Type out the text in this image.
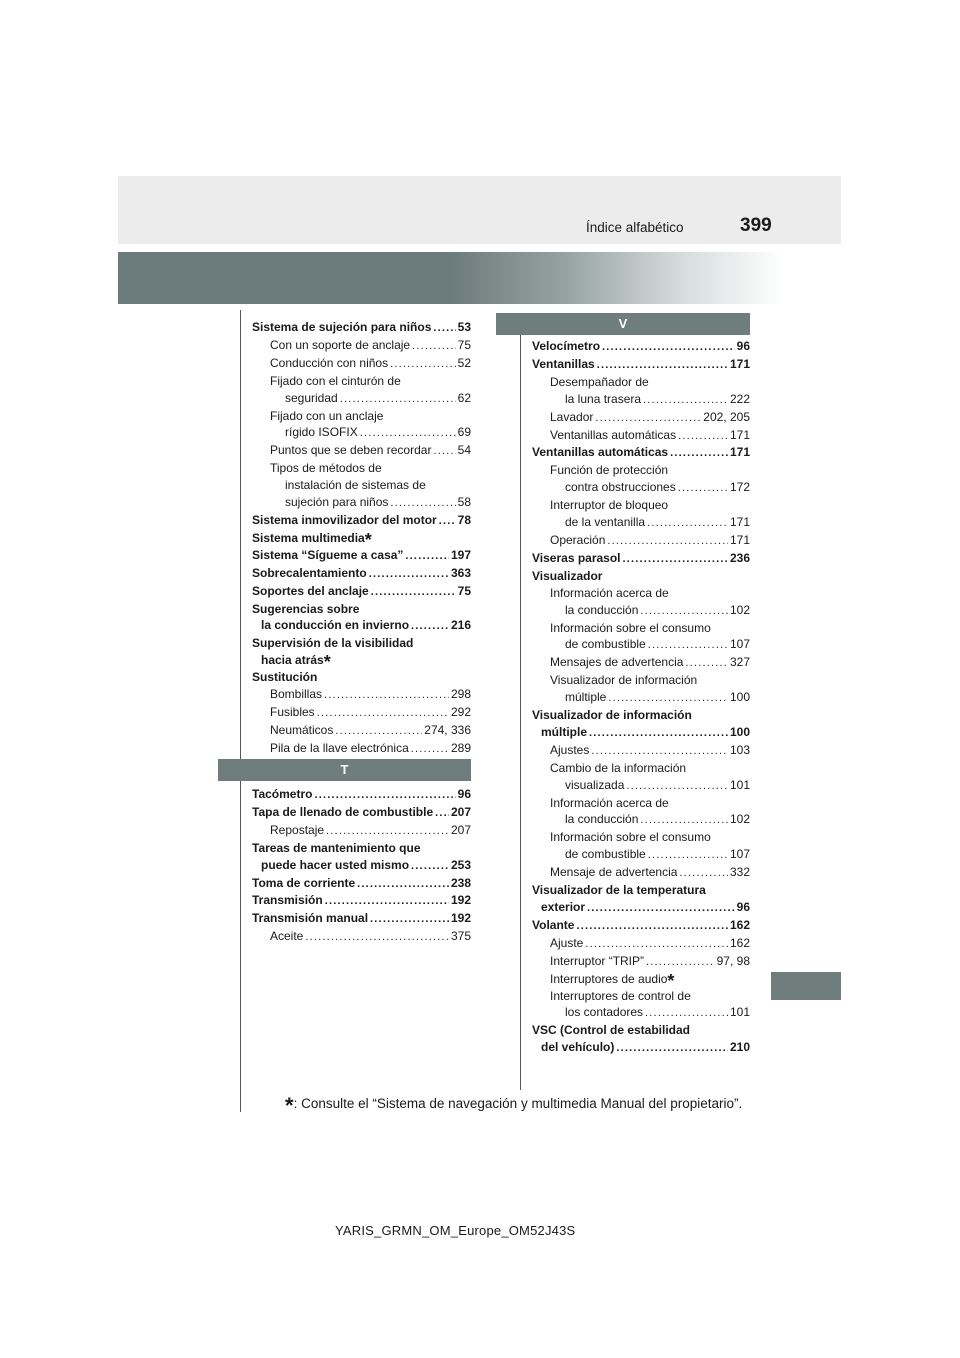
399
Índice alfabético
V
T
Sistema de sujeción para niños ..... 53
Con un soporte de anclaje .....	75
Conducción con niños .....	52
Fijado con el cinturón de
seguridad .....	62
Fijado con un anclaje
rígido ISOFIX .....	69
Puntos que se deben recordar ..... 54
Tipos de métodos de
instalación de sistemas de
sujeción para niños .....	58
Sistema inmovilizador del motor ..... 78
Sistema multimedia*
Sistema “Sígueme a casa” .....	197
Sobrecalentamiento .....	363
Soportes del anclaje .....	75
Sugerencias sobre
la conducción en invierno .....	216
Supervisión de la visibilidad
hacia atrás*
Sustitución
Bombillas .....	298
Fusibles .....	292
Neumáticos .....	274, 336
Pila de la llave electrónica .....	289
Tacómetro .....	96
Tapa de llenado de combustible ..... 207
Repostaje .....	207
Tareas de mantenimiento que
puede hacer usted mismo .....	253
Toma de corriente .....	238
Transmisión .....	192
Transmisión manual .....	192
Aceite .....	375
Velocímetro .....	96
Ventanillas .....	171
Desempañador de
la luna trasera .....	222
Lavador .....	202, 205
Ventanillas automáticas .....	171
Ventanillas automáticas .....	171
Función de protección
contra obstrucciones .....	172
Interruptor de bloqueo
de la ventanilla .....	171
Operación .....	171
Viseras parasol .....	236
Visualizador
Información acerca de
la conducción .....	102
Información sobre el consumo
de combustible .....	107
Mensajes de advertencia .....	327
Visualizador de información
múltiple .....	100
Visualizador de información
múltiple .....	100
Ajustes .....	103
Cambio de la información
visualizada .....	101
Información acerca de
la conducción .....	102
Información sobre el consumo
de combustible .....	107
Mensaje de advertencia .....	332
Visualizador de la temperatura
exterior .....	96
Volante .....	162
Ajuste .....	162
Interruptor “TRIP” .....	97, 98
Interruptores de audio*
Interruptores de control de
los contadores .....	101
VSC (Control de estabilidad
del vehículo) .....	210
*: Consulte el “Sistema de navegación y multimedia Manual del propietario”.
YARIS_GRMN_OM_Europe_OM52J43S
